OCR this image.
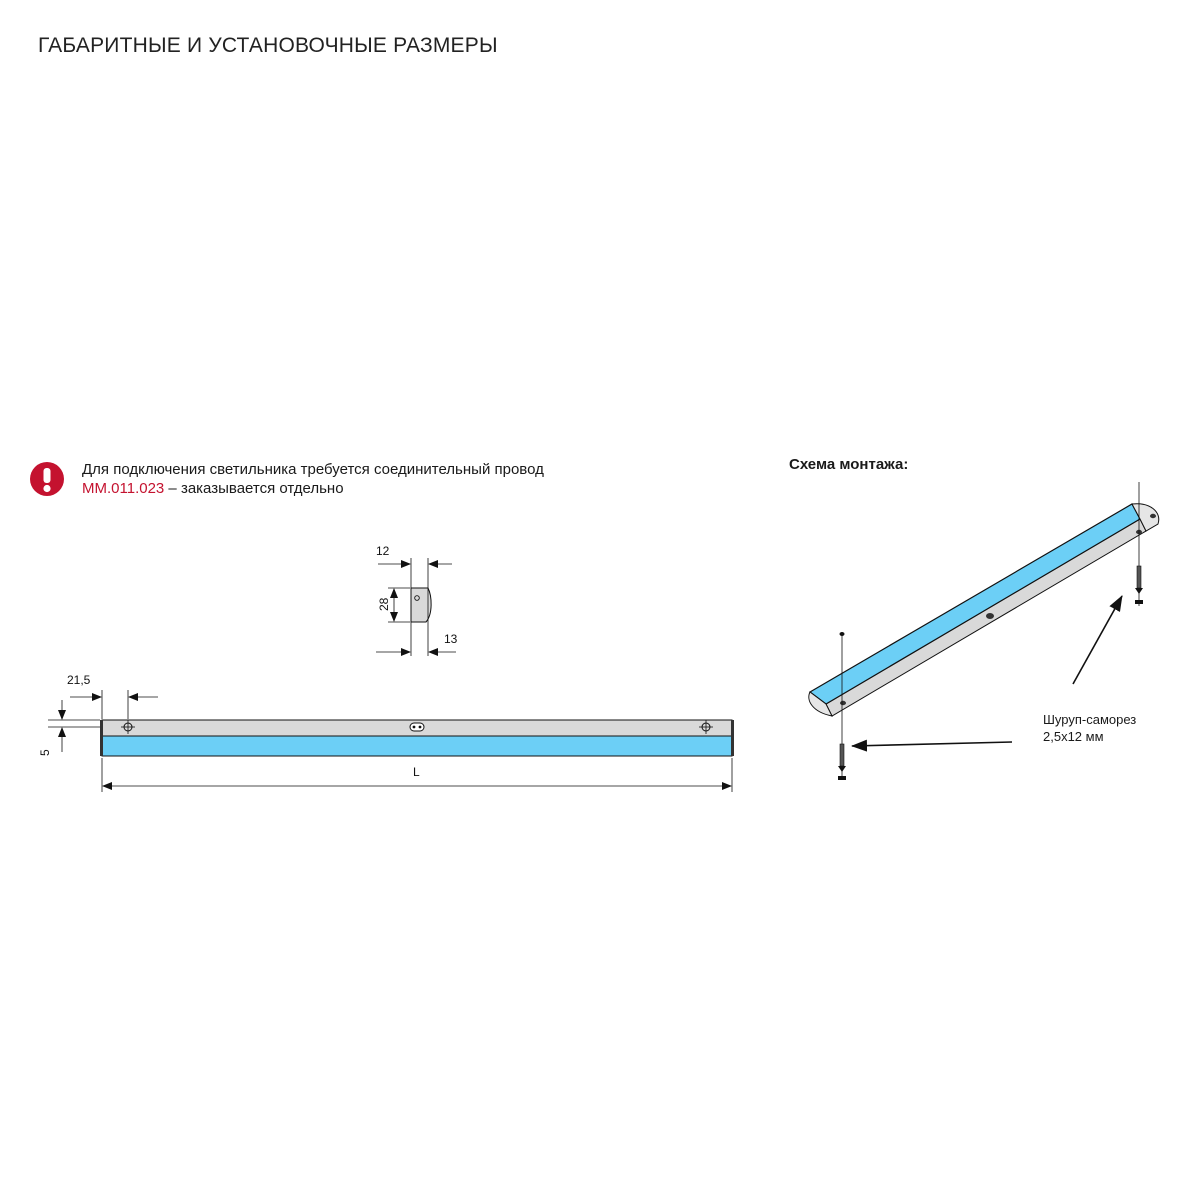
ГАБАРИТНЫЕ И УСТАНОВОЧНЫЕ РАЗМЕРЫ
Для подключения светильника требуется соединительный провод
MM.011.023 – заказывается отдельно
Схема монтажа:
Шуруп-саморез
2,5x12 мм
12
28
13
21,5
5
L
